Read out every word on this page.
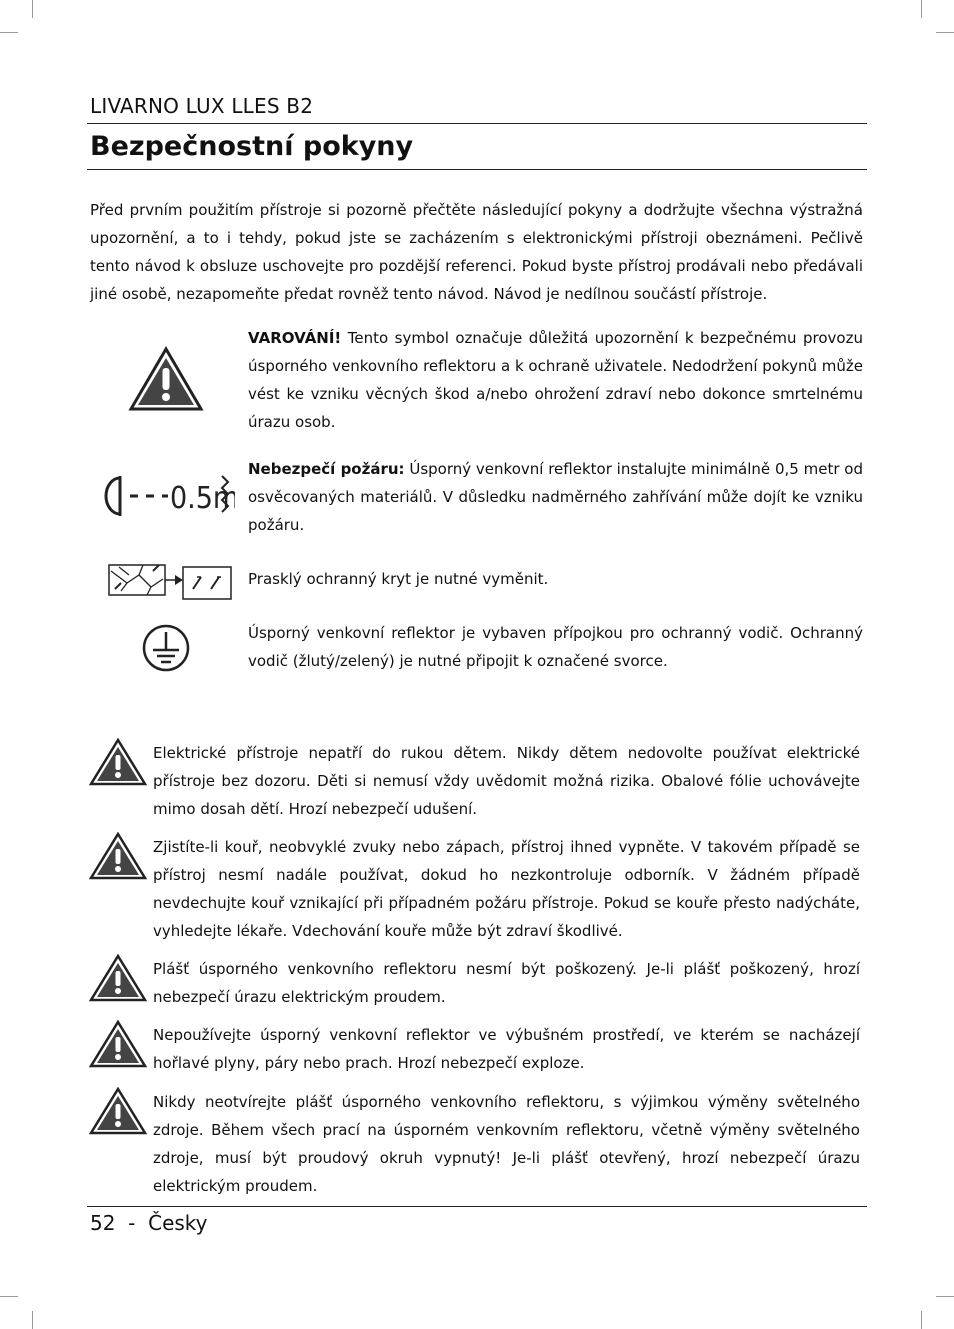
LIVARNO LUX LLES B2
Bezpečnostní pokyny

Před prvním použitím přístroje si pozorně přečtěte následující pokyny a dodržujte všechna výstražná upozornění, a to i tehdy, pokud jste se zacházením s elektronickými přístroji obeznámeni. Pečlivě tento návod k obsluze uschovejte pro pozdější referenci. Pokud byste přístroj prodávali nebo předávali jiné osobě, nezapomeňte předat rovněž tento návod. Návod je nedílnou součástí přístroje.

VAROVÁNÍ! Tento symbol označuje důležitá upozornění k bezpečnému provozu úsporného venkovního reflektoru a k ochraně uživatele. Nedodržení pokynů může vést ke vzniku věcných škod a/nebo ohrožení zdraví nebo dokonce smrtelnému úrazu osob.

0.5m

Nebezpečí požáru: Úsporný venkovní reflektor instalujte minimálně 0,5 metr od osvěcovaných materiálů. V důsledku nadměrného zahřívání může dojít ke vzniku požáru.

Prasklý ochranný kryt je nutné vyměnit.

Úsporný venkovní reflektor je vybaven přípojkou pro ochranný vodič. Ochranný vodič (žlutý/zelený) je nutné připojit k označené svorce.

Elektrické přístroje nepatří do rukou dětem. Nikdy dětem nedovolte používat elektrické přístroje bez dozoru. Děti si nemusí vždy uvědomit možná rizika. Obalové fólie uchovávejte mimo dosah dětí. Hrozí nebezpečí udušení.

Zjistíte-li kouř, neobvyklé zvuky nebo zápach, přístroj ihned vypněte. V takovém případě se přístroj nesmí nadále používat, dokud ho nezkontroluje odborník. V žádném případě nevdechujte kouř vznikající při případném požáru přístroje. Pokud se kouře přesto nadýcháte, vyhledejte lékaře. Vdechování kouře může být zdraví škodlivé.

Plášť úsporného venkovního reflektoru nesmí být poškozený. Je-li plášť poškozený, hrozí nebezpečí úrazu elektrickým proudem.

Nepoužívejte úsporný venkovní reflektor ve výbušném prostředí, ve kterém se nacházejí hořlavé plyny, páry nebo prach. Hrozí nebezpečí exploze.

Nikdy neotvírejte plášť úsporného venkovního reflektoru, s výjimkou výměny světelného zdroje. Během všech prací na úsporném venkovním reflektoru, včetně výměny světelného zdroje, musí být proudový okruh vypnutý! Je-li plášť otevřený, hrozí nebezpečí úrazu elektrickým proudem.

52  -  Česky
